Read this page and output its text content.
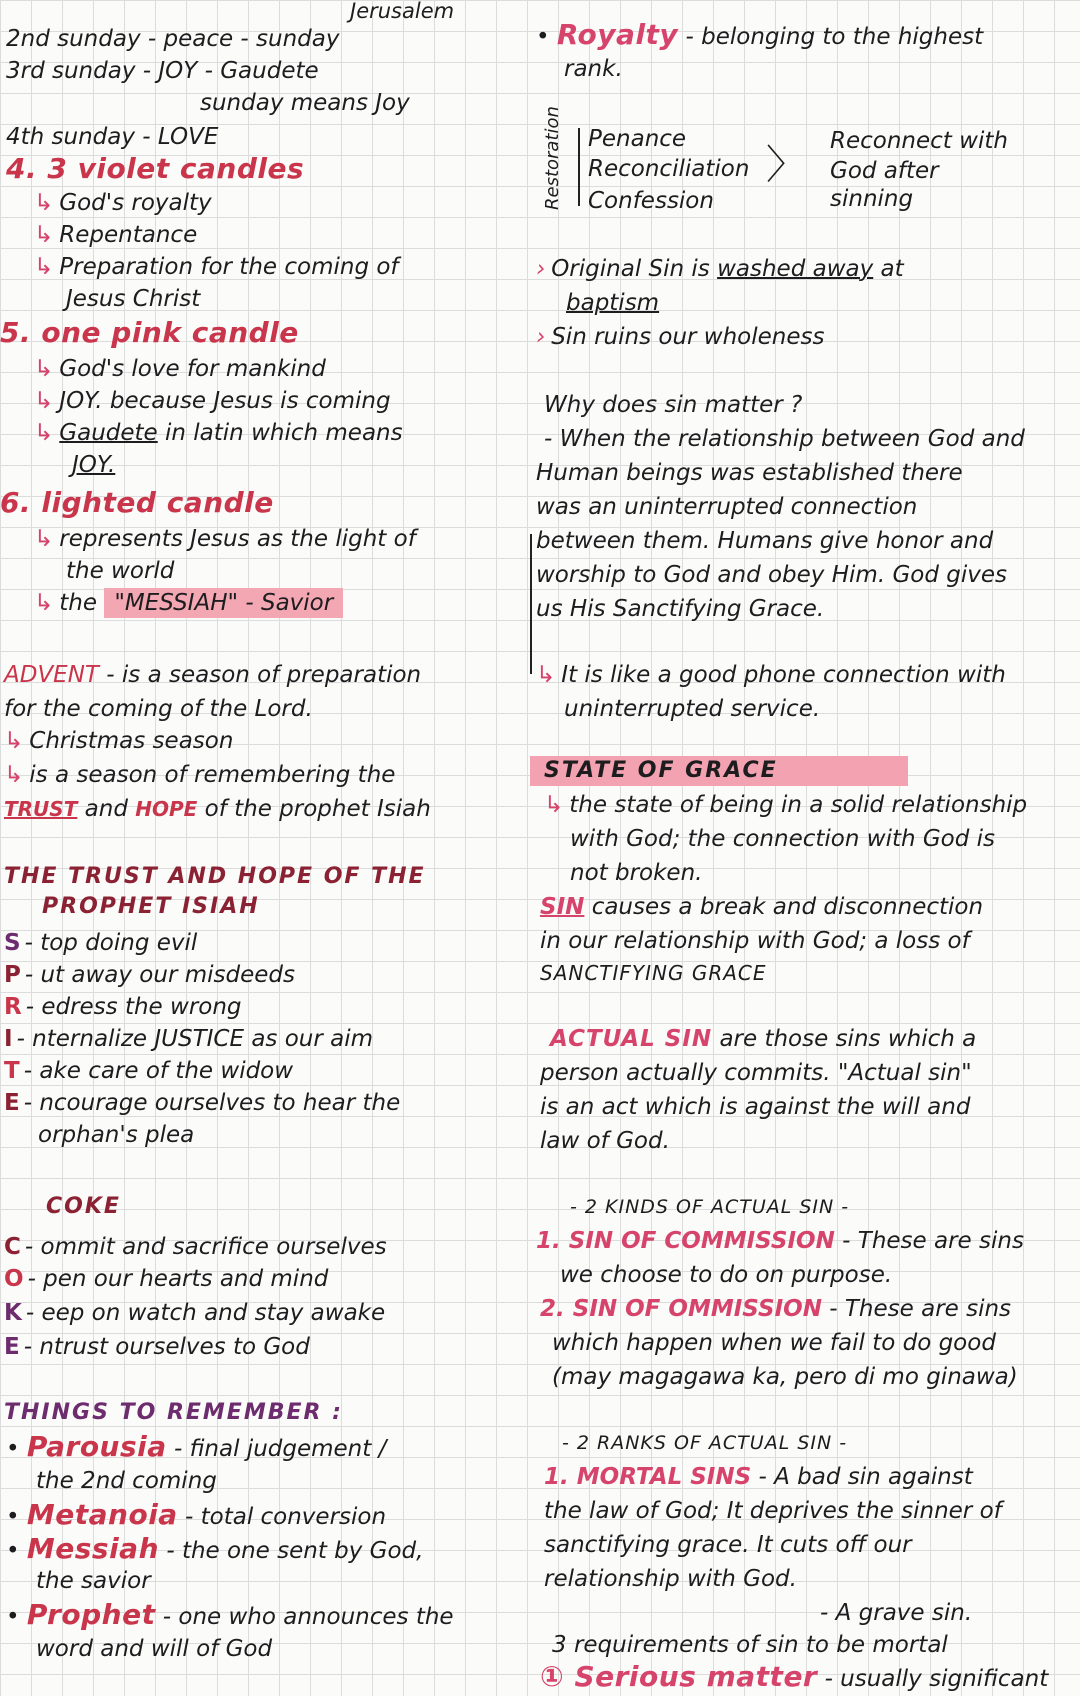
Jerusalem
2nd sunday - peace - sunday
3rd sunday - JOY - Gaudete
sunday means Joy
4th sunday - LOVE
4. 3 violet candles
↳ God's royalty
↳ Repentance
↳ Preparation for the coming of
Jesus Christ
5. one pink candle
↳ God's love for mankind
↳ JOY. because Jesus is coming
↳ Gaudete in latin which means
JOY.
6. lighted candle
↳ represents Jesus as the light of
the world
↳ the "MESSIAH" - Savior
ADVENT - is a season of preparation
for the coming of the Lord.
↳ Christmas season
↳ is a season of remembering the
TRUST and HOPE of the prophet Isiah
THE TRUST AND HOPE OF THE
PROPHET ISIAH
S - top doing evil
P - ut away our misdeeds
R - edress the wrong
I - nternalize JUSTICE as our aim
T - ake care of the widow
E - ncourage ourselves to hear the
orphan's plea
COKE
C - ommit and sacrifice ourselves
O - pen our hearts and mind
K - eep on watch and stay awake
E - ntrust ourselves to God
THINGS TO REMEMBER :
• Parousia - final judgement /
the 2nd coming
• Metanoia - total conversion
• Messiah - the one sent by God,
the savior
• Prophet - one who announces the
word and will of God
• Royalty - belonging to the highest
rank.
Restoration Penance
Reconciliation
Confession
〉
Reconnect with
God after
sinning
› Original Sin is washed away at
baptism
› Sin ruins our wholeness
Why does sin matter ?
- When the relationship between God and
Human beings was established there
was an uninterrupted connection
between them. Humans give honor and
worship to God and obey Him. God gives
us His Sanctifying Grace.
↳ It is like a good phone connection with
uninterrupted service.
STATE OF GRACE
↳ the state of being in a solid relationship
with God; the connection with God is
not broken.
SIN causes a break and disconnection
in our relationship with God; a loss of
SANCTIFYING GRACE
ACTUAL SIN are those sins which a
person actually commits. "Actual sin"
is an act which is against the will and
law of God.
- 2 KINDS OF ACTUAL SIN -
1. SIN OF COMMISSION - These are sins
we choose to do on purpose.
2. SIN OF OMMISSION - These are sins
which happen when we fail to do good
(may magagawa ka, pero di mo ginawa)
- 2 RANKS OF ACTUAL SIN -
1. MORTAL SINS - A bad sin against
the law of God; It deprives the sinner of
sanctifying grace. It cuts off our
relationship with God.
- A grave sin.
3 requirements of sin to be mortal
① Serious matter - usually significant
